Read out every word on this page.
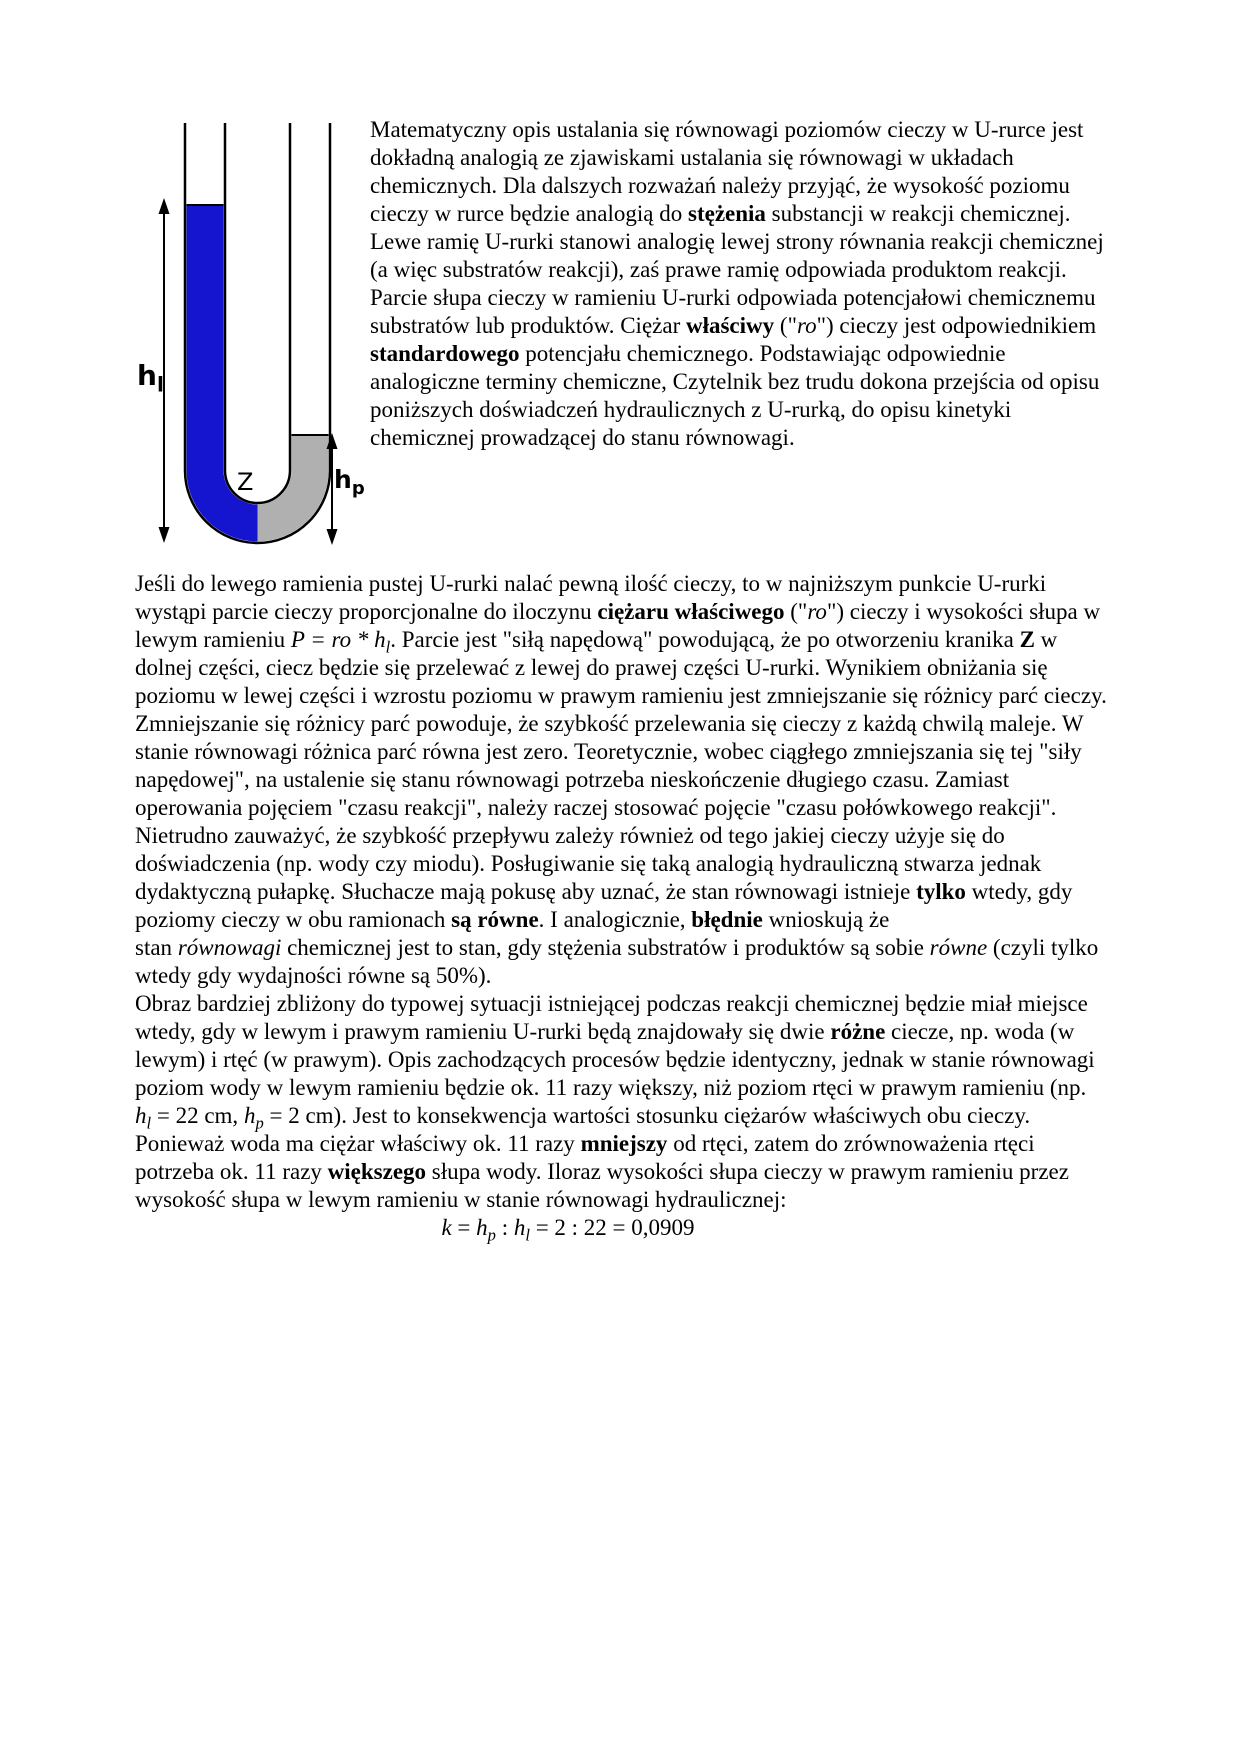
$h_l$
$h_p$
Z

Matematyczny opis ustalania się równowagi poziomów cieczy w U-rurce jest dokładną analogią ze zjawiskami ustalania się równowagi w układach chemicznych. Dla dalszych rozważań należy przyjąć, że wysokość poziomu cieczy w rurce będzie analogią do stężenia substancji w reakcji chemicznej. Lewe ramię U-rurki stanowi analogię lewej strony równania reakcji chemicznej (a więc substratów reakcji), zaś prawe ramię odpowiada produktom reakcji. Parcie słupa cieczy w ramieniu U-rurki odpowiada potencjałowi chemicznemu substratów lub produktów. Ciężar właściwy ("ro") cieczy jest odpowiednikiem standardowego potencjału chemicznego. Podstawiając odpowiednie analogiczne terminy chemiczne, Czytelnik bez trudu dokona przejścia od opisu poniższych doświadczeń hydraulicznych z U-rurką, do opisu kinetyki chemicznej prowadzącej do stanu równowagi.

Jeśli do lewego ramienia pustej U-rurki nalać pewną ilość cieczy, to w najniższym punkcie U-rurki wystąpi parcie cieczy proporcjonalne do iloczynu ciężaru właściwego ("ro") cieczy i wysokości słupa w lewym ramieniu P = ro * $h_l$. Parcie jest "siłą napędową" powodującą, że po otworzeniu kranika Z w dolnej części, ciecz będzie się przelewać z lewej do prawej części U-rurki. Wynikiem obniżania się poziomu w lewej części i wzrostu poziomu w prawym ramieniu jest zmniejszanie się różnicy parć cieczy. Zmniejszanie się różnicy parć powoduje, że szybkość przelewania się cieczy z każdą chwilą maleje. W stanie równowagi różnica parć równa jest zero. Teoretycznie, wobec ciągłego zmniejszania się tej "siły napędowej", na ustalenie się stanu równowagi potrzeba nieskończenie długiego czasu. Zamiast operowania pojęciem "czasu reakcji", należy raczej stosować pojęcie "czasu połówkowego reakcji". Nietrudno zauważyć, że szybkość przepływu zależy również od tego jakiej cieczy użyje się do doświadczenia (np. wody czy miodu). Posługiwanie się taką analogią hydrauliczną stwarza jednak dydaktyczną pułapkę. Słuchacze mają pokusę aby uznać, że stan równowagi istnieje tylko wtedy, gdy poziomy cieczy w obu ramionach są równe. I analogicznie, błędnie wnioskują że
stan równowagi chemicznej jest to stan, gdy stężenia substratów i produktów są sobie równe (czyli tylko wtedy gdy wydajności równe są 50%).

Obraz bardziej zbliżony do typowej sytuacji istniejącej podczas reakcji chemicznej będzie miał miejsce wtedy, gdy w lewym i prawym ramieniu U-rurki będą znajdowały się dwie różne ciecze, np. woda (w lewym) i rtęć (w prawym). Opis zachodzących procesów będzie identyczny, jednak w stanie równowagi poziom wody w lewym ramieniu będzie ok. 11 razy większy, niż poziom rtęci w prawym ramieniu (np. $h_l = 22$ cm, $h_p = 2$ cm). Jest to konsekwencja wartości stosunku ciężarów właściwych obu cieczy. Ponieważ woda ma ciężar właściwy ok. 11 razy mniejszy od rtęci, zatem do zrównoważenia rtęci potrzeba ok. 11 razy większego słupa wody. Iloraz wysokości słupa cieczy w prawym ramieniu przez wysokość słupa w lewym ramieniu w stanie równowagi hydraulicznej:

$k = h_p$ : $h_l = 2$ : 22 = 0,0909
